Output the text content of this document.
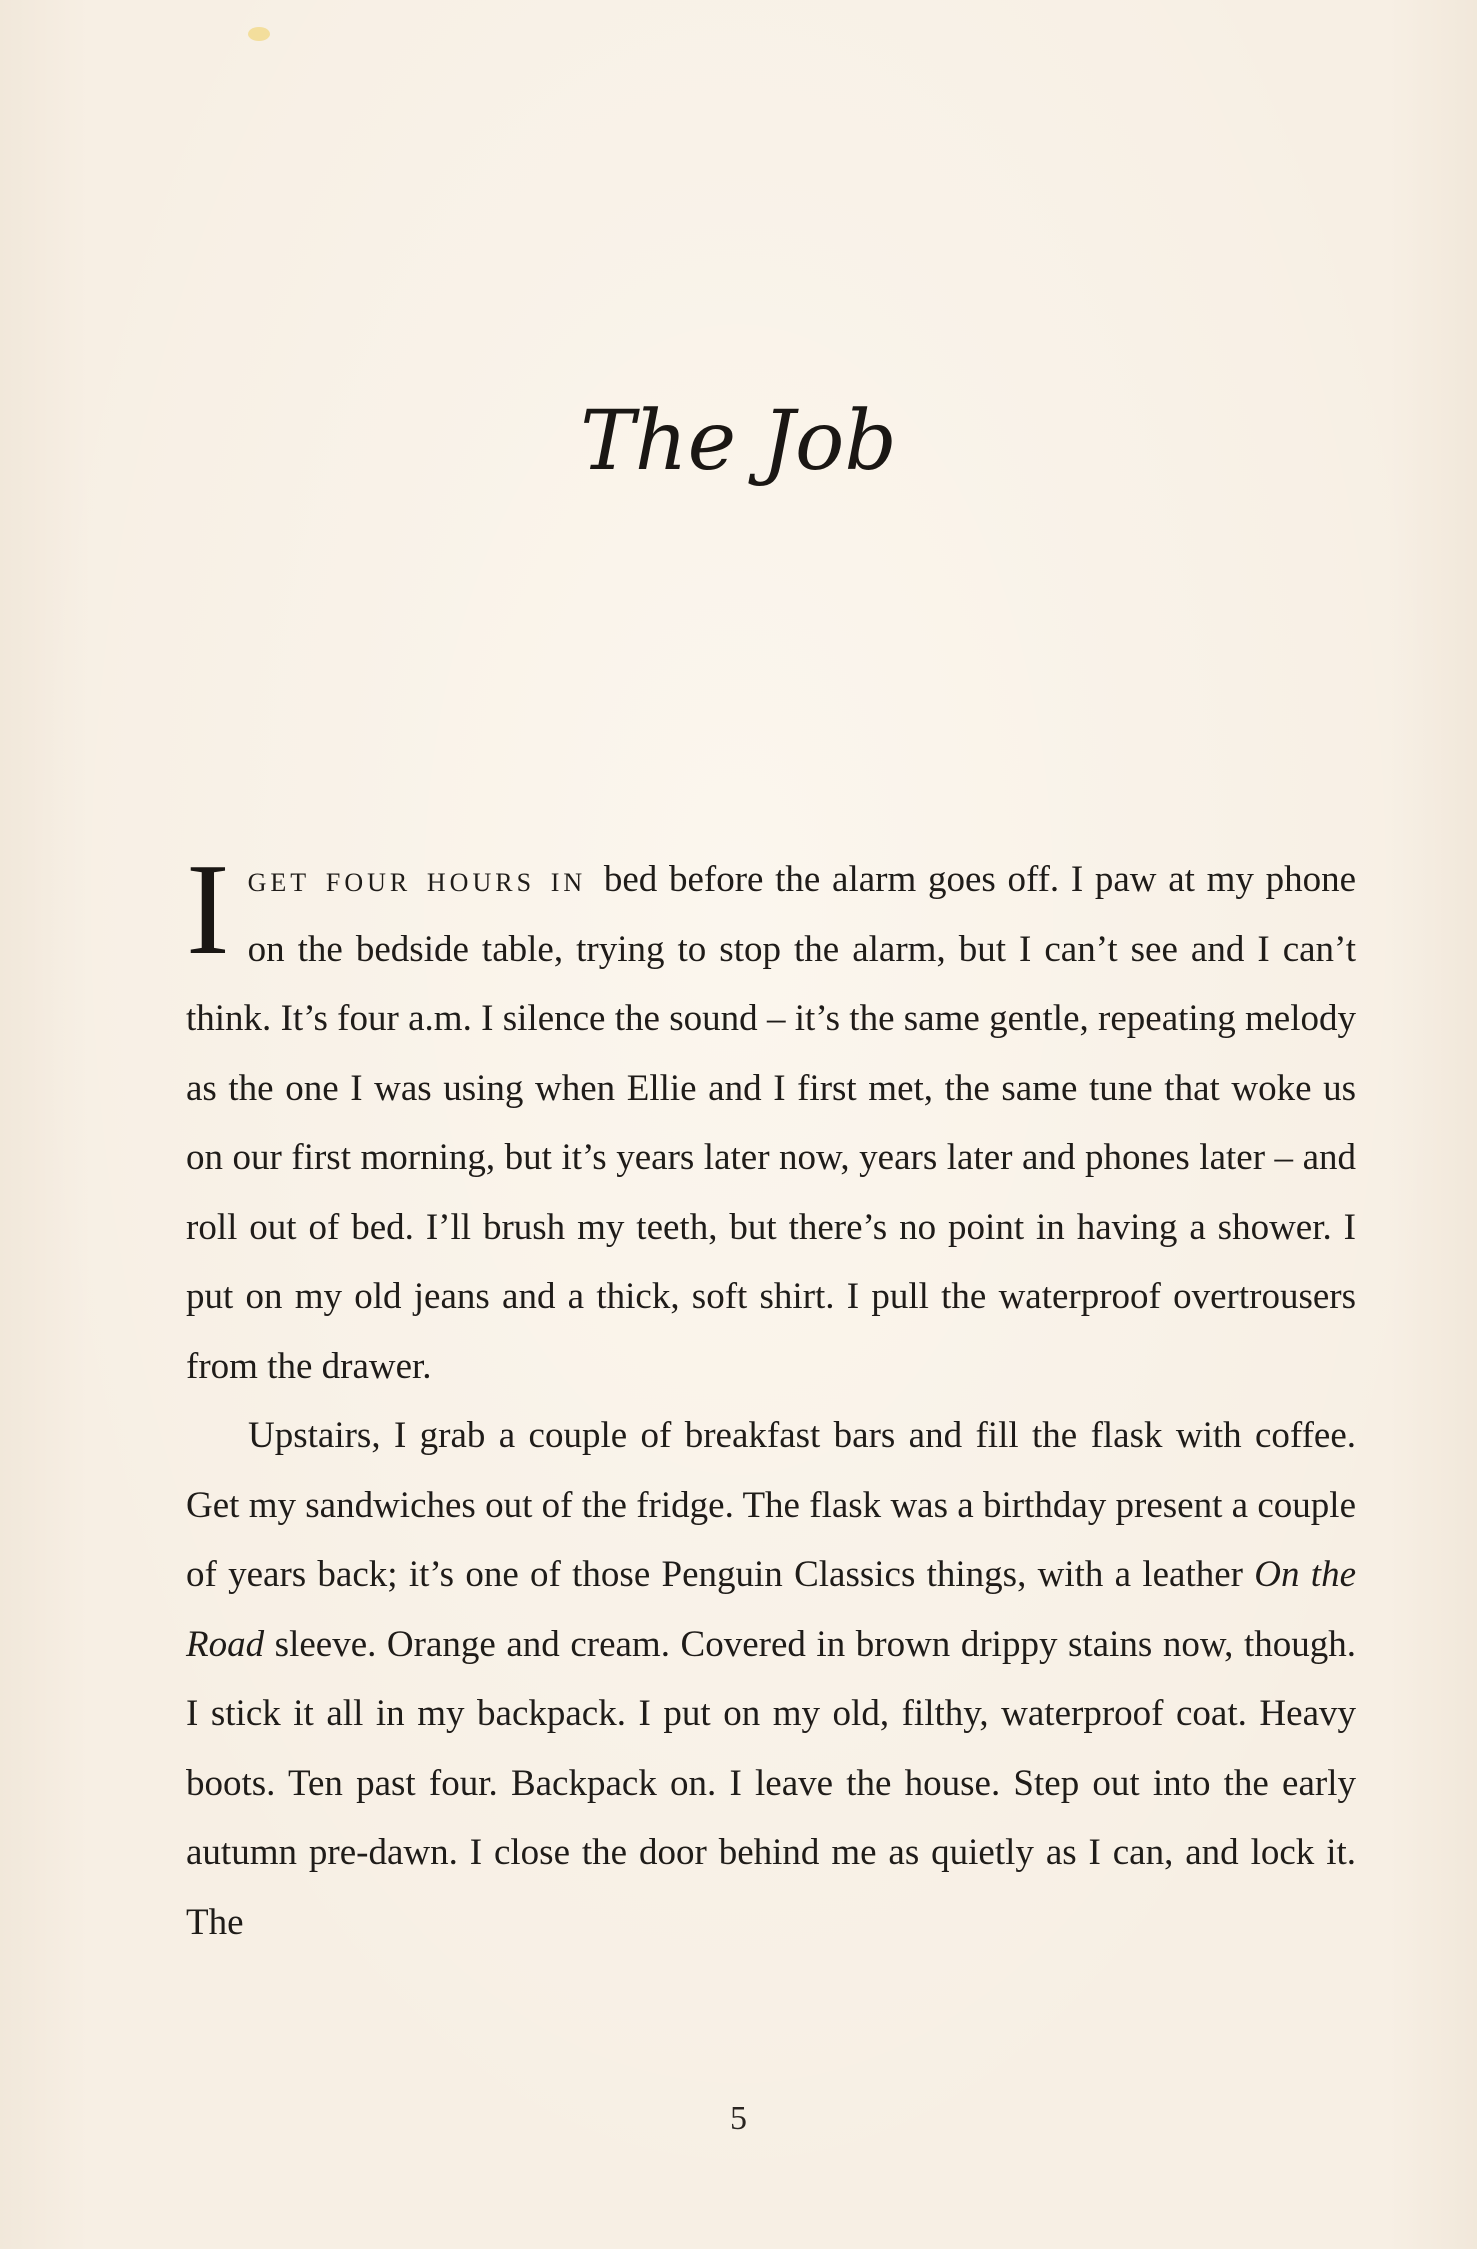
The Job

Iget four hours in bed before the alarm goes off. I paw at my phone on the bedside table, trying to stop the alarm, but I can’t see and I can’t think. It’s four a.m. I silence the sound – it’s the same gentle, repeating melody as the one I was using when Ellie and I first met, the same tune that woke us on our first morning, but it’s years later now, years later and phones later – and roll out of bed. I’ll brush my teeth, but there’s no point in having a shower. I put on my old jeans and a thick, soft shirt. I pull the waterproof overtrousers from the drawer.

Upstairs, I grab a couple of breakfast bars and fill the flask with coffee. Get my sandwiches out of the fridge. The flask was a birthday present a couple of years back; it’s one of those Penguin Classics things, with a leather On the Road sleeve. Orange and cream. Covered in brown drippy stains now, though. I stick it all in my backpack. I put on my old, filthy, waterproof coat. Heavy boots. Ten past four. Backpack on. I leave the house. Step out into the early autumn pre-dawn. I close the door behind me as quietly as I can, and lock it. The

5
